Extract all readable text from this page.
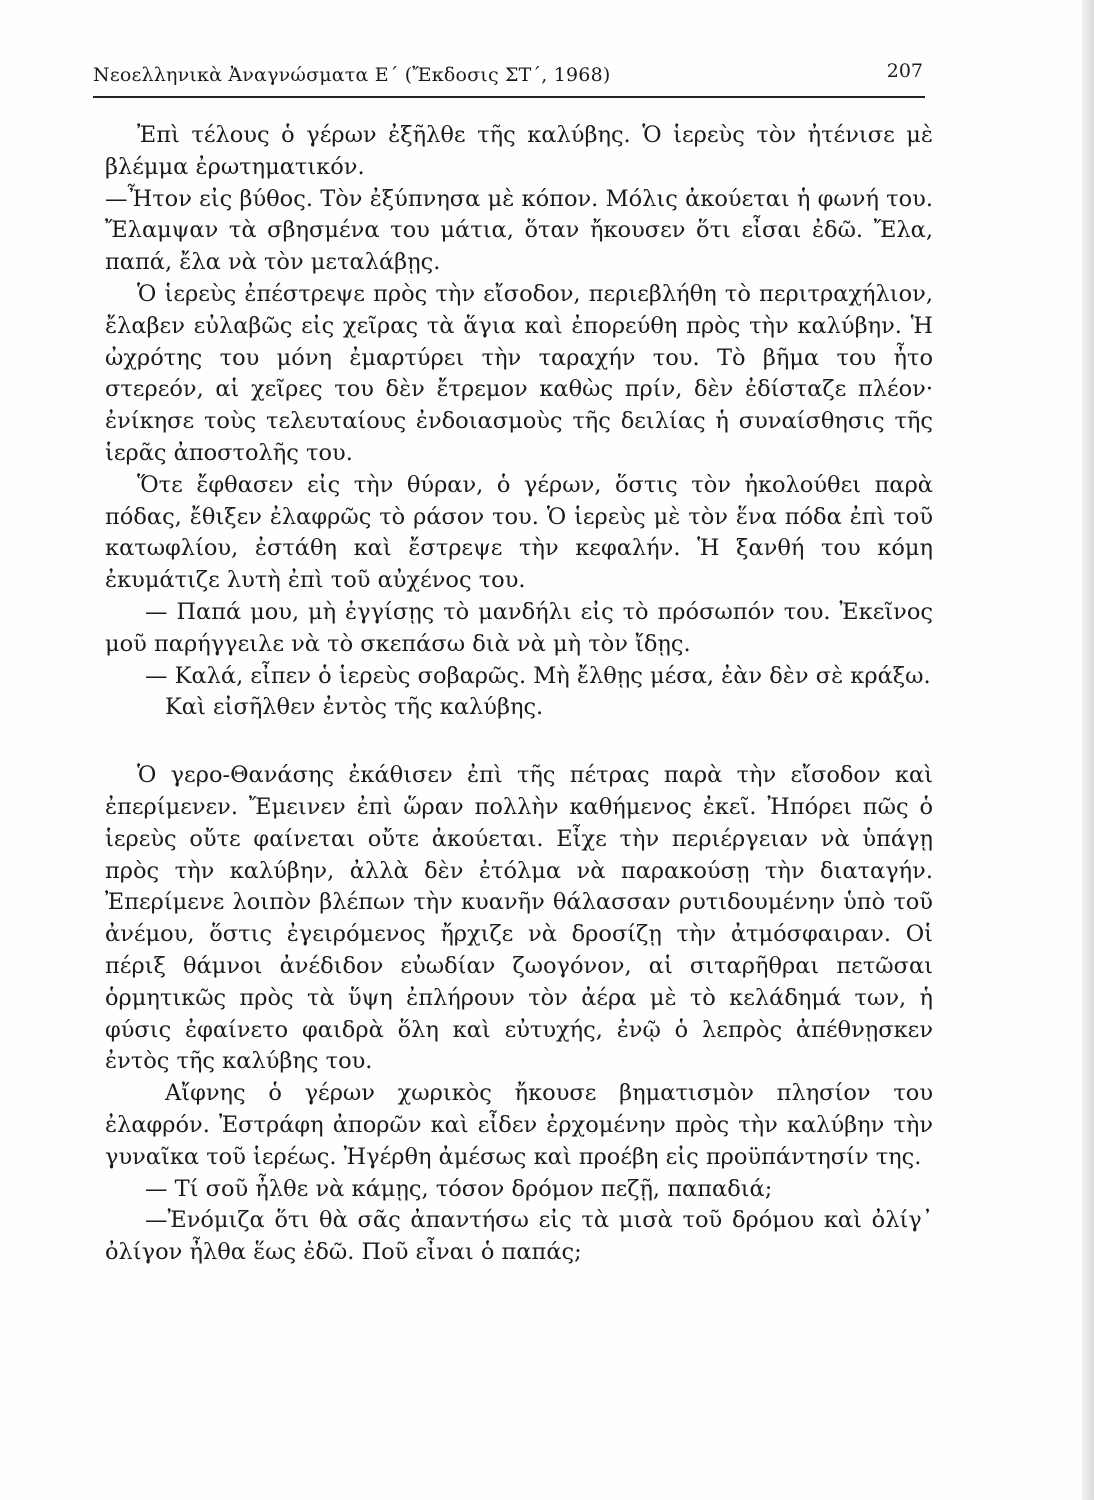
Νεοελληνικὰ Ἀναγνώσματα Ε΄ (Ἔκδοσις ΣΤ΄, 1968)	207

Ἐπὶ τέλους ὁ γέρων ἐξῆλθε τῆς καλύβης. Ὁ ἱερεὺς τὸν ἠτένισε μὲ βλέμμα ἐρωτηματικόν.

—Ἦτον εἰς βύθος. Τὸν ἐξύπνησα μὲ κόπον. Μόλις ἀκούεται ἡ φωνή του. Ἔλαμψαν τὰ σβησμένα του μάτια, ὅταν ἤκουσεν ὅτι εἶσαι ἐδῶ. Ἔλα, παπά, ἔλα νὰ τὸν μεταλάβῃς.

Ὁ ἱερεὺς ἐπέστρεψε πρὸς τὴν εἴσοδον, περιεβλήθη τὸ περιτραχήλιον, ἔλαβεν εὐλαβῶς εἰς χεῖρας τὰ ἅγια καὶ ἐπορεύθη πρὸς τὴν καλύβην. Ἡ ὠχρότης του μόνη ἐμαρτύρει τὴν ταραχήν του. Τὸ βῆμα του ἦτο στερεόν, αἱ χεῖρες του δὲν ἔτρεμον καθὼς πρίν, δὲν ἐδίσταζε πλέον· ἐνίκησε τοὺς τελευταίους ἐνδοιασμοὺς τῆς δειλίας ἡ συναίσθησις τῆς ἱερᾶς ἀποστολῆς του.

Ὅτε ἔφθασεν εἰς τὴν θύραν, ὁ γέρων, ὅστις τὸν ἠκολούθει παρὰ πόδας, ἔθιξεν ἐλαφρῶς τὸ ράσον του. Ὁ ἱερεὺς μὲ τὸν ἕνα πόδα ἐπὶ τοῦ κατωφλίου, ἐστάθη καὶ ἔστρεψε τὴν κεφαλήν. Ἡ ξανθή του κόμη ἐκυμάτιζε λυτὴ ἐπὶ τοῦ αὐχένος του.

— Παπά μου, μὴ ἐγγίσῃς τὸ μανδήλι εἰς τὸ πρόσωπόν του. Ἐκεῖνος μοῦ παρήγγειλε νὰ τὸ σκεπάσω διὰ νὰ μὴ τὸν ἴδῃς.

— Καλά, εἶπεν ὁ ἱερεὺς σοβαρῶς. Μὴ ἔλθῃς μέσα, ἐὰν δὲν σὲ κράξω.

Καὶ εἰσῆλθεν ἐντὸς τῆς καλύβης.

Ὁ γερο-Θανάσης ἐκάθισεν ἐπὶ τῆς πέτρας παρὰ τὴν εἴσοδον καὶ ἐπερίμενεν. Ἔμεινεν ἐπὶ ὥραν πολλὴν καθήμενος ἐκεῖ. Ἠπόρει πῶς ὁ ἱερεὺς οὔτε φαίνεται οὔτε ἀκούεται. Εἶχε τὴν περιέργειαν νὰ ὑπάγῃ πρὸς τὴν καλύβην, ἀλλὰ δὲν ἐτόλμα νὰ παρακούσῃ τὴν διαταγήν. Ἐπερίμενε λοιπὸν βλέπων τὴν κυανῆν θάλασσαν ρυτιδουμένην ὑπὸ τοῦ ἀνέμου, ὅστις ἐγειρόμενος ἤρχιζε νὰ δροσίζῃ τὴν ἀτμόσφαιραν. Οἱ πέριξ θάμνοι ἀνέδιδον εὐωδίαν ζωογόνον, αἱ σιταρῆθραι πετῶσαι ὁρμητικῶς πρὸς τὰ ὕψη ἐπλήρουν τὸν ἀέρα μὲ τὸ κελάδημά των, ἡ φύσις ἐφαίνετο φαιδρὰ ὅλη καὶ εὐτυχής, ἐνῷ ὁ λεπρὸς ἀπέθνῃσκεν ἐντὸς τῆς καλύβης του.

Αἴφνης ὁ γέρων χωρικὸς ἤκουσε βηματισμὸν πλησίον του ἐλαφρόν. Ἐστράφη ἀπορῶν καὶ εἶδεν ἐρχομένην πρὸς τὴν καλύβην τὴν γυναῖκα τοῦ ἱερέως. Ἠγέρθη ἀμέσως καὶ προέβη εἰς προϋπάντησίν της.

— Τί σοῦ ἦλθε νὰ κάμῃς, τόσον δρόμον πεζῇ, παπαδιά;

—Ἐνόμιζα ὅτι θὰ σᾶς ἀπαντήσω εἰς τὰ μισὰ τοῦ δρόμου καὶ ὀλίγ᾽ ὀλίγον ἦλθα ἕως ἐδῶ. Ποῦ εἶναι ὁ παπάς;
